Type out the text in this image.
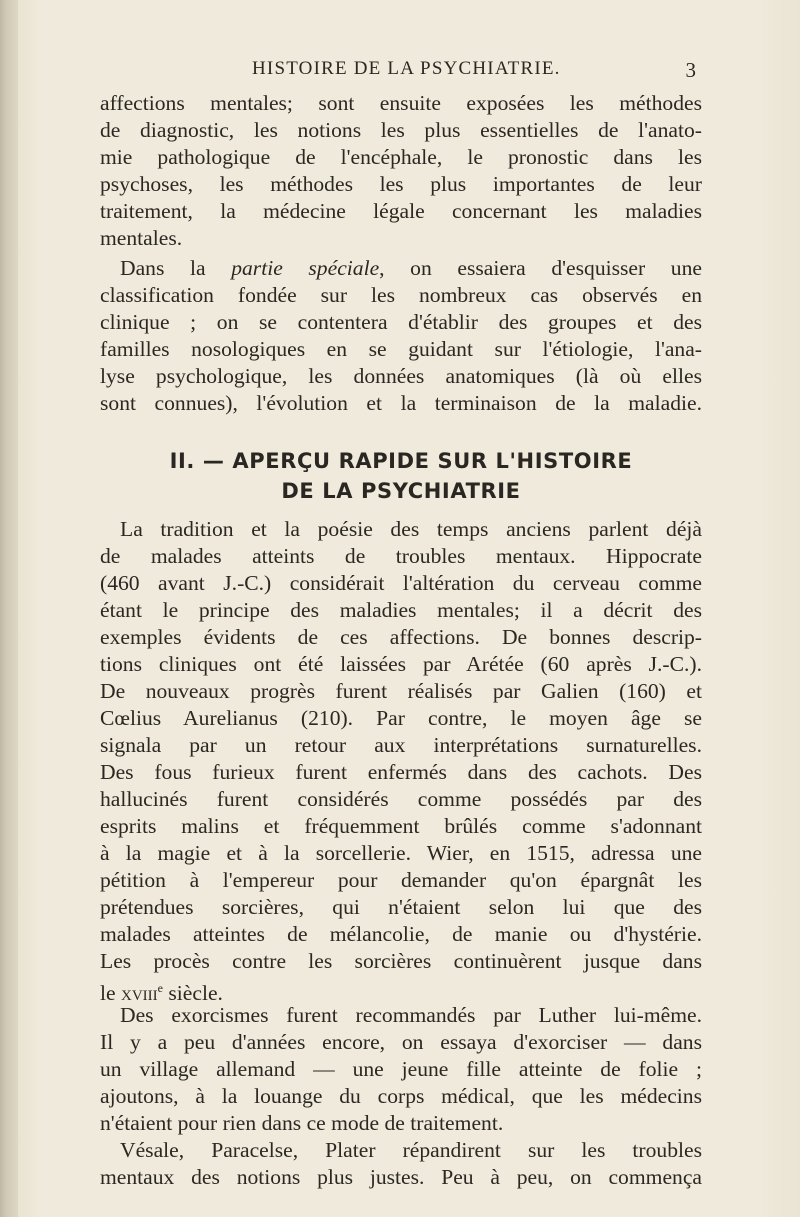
HISTOIRE DE LA PSYCHIATRIE.	3
affections mentales; sont ensuite exposées les méthodes
de diagnostic, les notions les plus essentielles de l'anato-
mie pathologique de l'encéphale, le pronostic dans les
psychoses, les méthodes les plus importantes de leur
traitement, la médecine légale concernant les maladies
mentales.
Dans la partie spéciale, on essaiera d'esquisser une
classification fondée sur les nombreux cas observés en
clinique ; on se contentera d'établir des groupes et des
familles nosologiques en se guidant sur l'étiologie, l'ana-
lyse psychologique, les données anatomiques (là où elles
sont connues), l'évolution et la terminaison de la maladie.
II. — APERÇU RAPIDE SUR L'HISTOIRE
DE LA PSYCHIATRIE
La tradition et la poésie des temps anciens parlent déjà
de malades atteints de troubles mentaux. Hippocrate
(460 avant J.-C.) considérait l'altération du cerveau comme
étant le principe des maladies mentales; il a décrit des
exemples évidents de ces affections. De bonnes descrip-
tions cliniques ont été laissées par Arétée (60 après J.-C.).
De nouveaux progrès furent réalisés par Galien (160) et
Cœlius Aurelianus (210). Par contre, le moyen âge se
signala par un retour aux interprétations surnaturelles.
Des fous furieux furent enfermés dans des cachots. Des
hallucinés furent considérés comme possédés par des
esprits malins et fréquemment brûlés comme s'adonnant
à la magie et à la sorcellerie. Wier, en 1515, adressa une
pétition à l'empereur pour demander qu'on épargnât les
prétendues sorcières, qui n'étaient selon lui que des
malades atteintes de mélancolie, de manie ou d'hystérie.
Les procès contre les sorcières continuèrent jusque dans
le xviii$^e$ siècle.
Des exorcismes furent recommandés par Luther lui-même.
Il y a peu d'années encore, on essaya d'exorciser — dans
un village allemand — une jeune fille atteinte de folie ;
ajoutons, à la louange du corps médical, que les médecins
n'étaient pour rien dans ce mode de traitement.
Vésale, Paracelse, Plater répandirent sur les troubles
mentaux des notions plus justes. Peu à peu, on commença
